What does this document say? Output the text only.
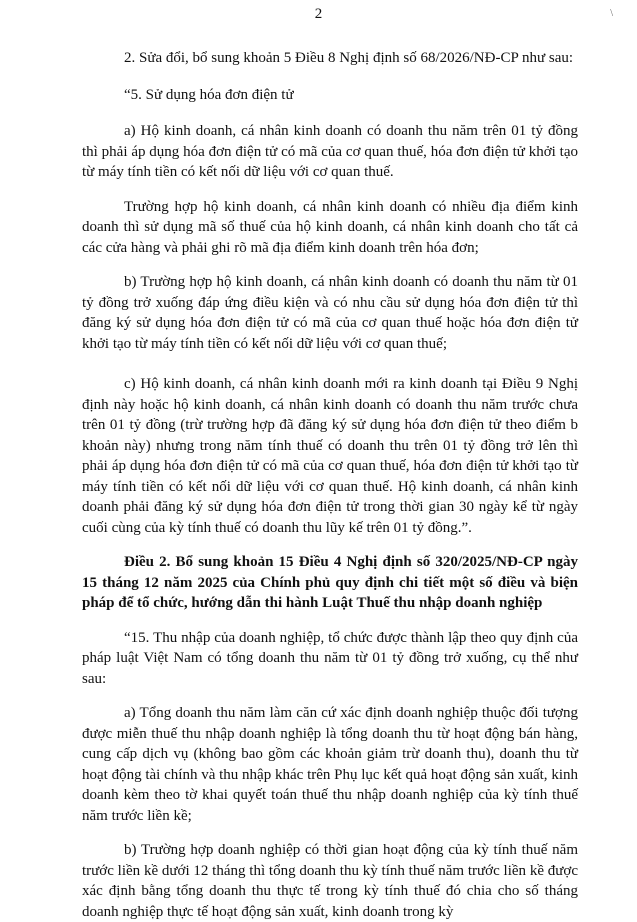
2	\

2. Sửa đổi, bổ sung khoản 5 Điều 8 Nghị định số 68/2026/NĐ-CP như sau:

“5. Sử dụng hóa đơn điện tử

a) Hộ kinh doanh, cá nhân kinh doanh có doanh thu năm trên 01 tỷ đồng thì phải áp dụng hóa đơn điện tử có mã của cơ quan thuế, hóa đơn điện tử khởi tạo từ máy tính tiền có kết nối dữ liệu với cơ quan thuế.

Trường hợp hộ kinh doanh, cá nhân kinh doanh có nhiều địa điểm kinh doanh thì sử dụng mã số thuế của hộ kinh doanh, cá nhân kinh doanh cho tất cả các cửa hàng và phải ghi rõ mã địa điểm kinh doanh trên hóa đơn;

b) Trường hợp hộ kinh doanh, cá nhân kinh doanh có doanh thu năm từ 01 tỷ đồng trở xuống đáp ứng điều kiện và có nhu cầu sử dụng hóa đơn điện tử thì đăng ký sử dụng hóa đơn điện tử có mã của cơ quan thuế hoặc hóa đơn điện tử khởi tạo từ máy tính tiền có kết nối dữ liệu với cơ quan thuế;

c) Hộ kinh doanh, cá nhân kinh doanh mới ra kinh doanh tại Điều 9 Nghị định này hoặc hộ kinh doanh, cá nhân kinh doanh có doanh thu năm trước chưa trên 01 tỷ đồng (trừ trường hợp đã đăng ký sử dụng hóa đơn điện tử theo điểm b khoản này) nhưng trong năm tính thuế có doanh thu trên 01 tỷ đồng trở lên thì phải áp dụng hóa đơn điện tử có mã của cơ quan thuế, hóa đơn điện tử khởi tạo từ máy tính tiền có kết nối dữ liệu với cơ quan thuế. Hộ kinh doanh, cá nhân kinh doanh phải đăng ký sử dụng hóa đơn điện tử trong thời gian 30 ngày kể từ ngày cuối cùng của kỳ tính thuế có doanh thu lũy kế trên 01 tỷ đồng.”.

Điều 2. Bổ sung khoản 15 Điều 4 Nghị định số 320/2025/NĐ-CP ngày 15 tháng 12 năm 2025 của Chính phủ quy định chi tiết một số điều và biện pháp để tổ chức, hướng dẫn thi hành Luật Thuế thu nhập doanh nghiệp

“15. Thu nhập của doanh nghiệp, tổ chức được thành lập theo quy định của pháp luật Việt Nam có tổng doanh thu năm từ 01 tỷ đồng trở xuống, cụ thể như sau:

a) Tổng doanh thu năm làm căn cứ xác định doanh nghiệp thuộc đối tượng được miễn thuế thu nhập doanh nghiệp là tổng doanh thu từ hoạt động bán hàng, cung cấp dịch vụ (không bao gồm các khoản giảm trừ doanh thu), doanh thu từ hoạt động tài chính và thu nhập khác trên Phụ lục kết quả hoạt động sản xuất, kinh doanh kèm theo tờ khai quyết toán thuế thu nhập doanh nghiệp của kỳ tính thuế năm trước liền kề;

b) Trường hợp doanh nghiệp có thời gian hoạt động của kỳ tính thuế năm trước liền kề dưới 12 tháng thì tổng doanh thu kỳ tính thuế năm trước liền kề được xác định bằng tổng doanh thu thực tế trong kỳ tính thuế đó chia cho số tháng doanh nghiệp thực tế hoạt động sản xuất, kinh doanh trong kỳ
